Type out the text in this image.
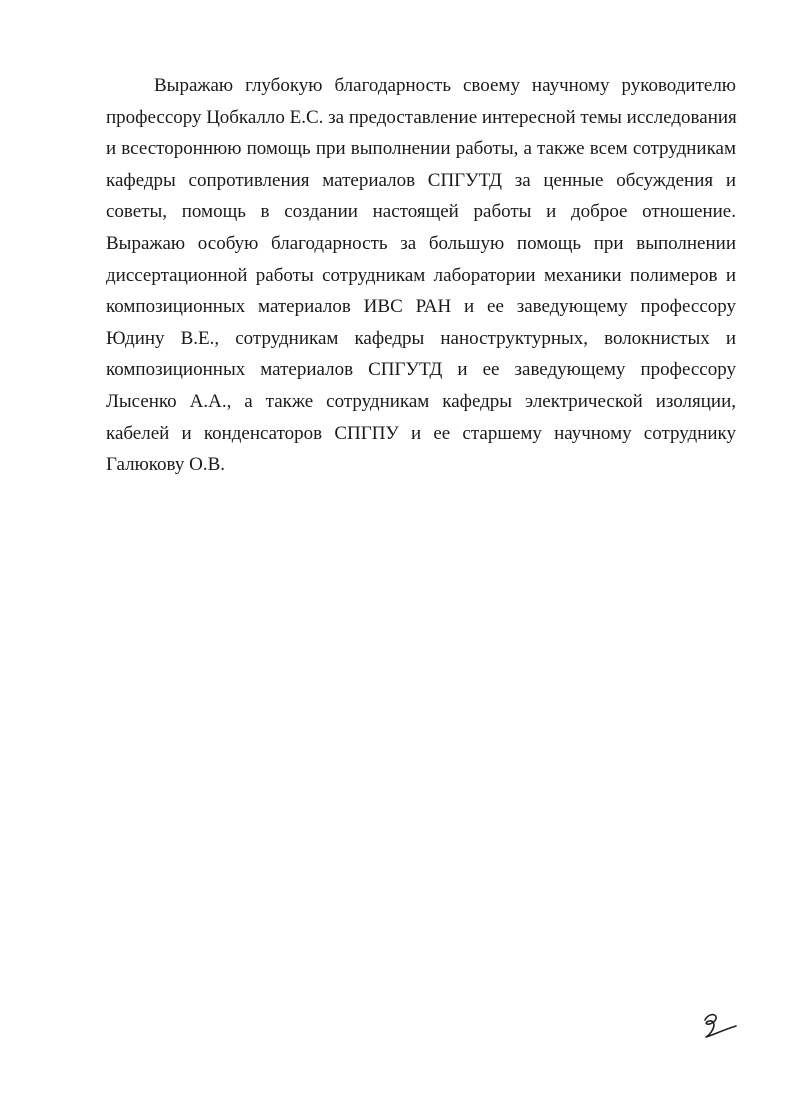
Выражаю глубокую благодарность своему научному руководителю
профессору Цобкалло Е.С. за предоставление интересной темы исследования
и всестороннюю помощь при выполнении работы, а также всем сотрудникам
кафедры сопротивления материалов СПГУТД за ценные обсуждения и
советы, помощь в создании настоящей работы и доброе отношение.
Выражаю особую благодарность за большую помощь при выполнении
диссертационной работы сотрудникам лаборатории механики полимеров и
композиционных материалов ИВС РАН и ее заведующему профессору
Юдину В.Е., сотрудникам кафедры наноструктурных, волокнистых и
композиционных материалов СПГУТД и ее заведующему профессору
Лысенко А.А., а также сотрудникам кафедры электрической изоляции,
кабелей и конденсаторов СПГПУ и ее старшему научному сотруднику
Галюкову О.В.
